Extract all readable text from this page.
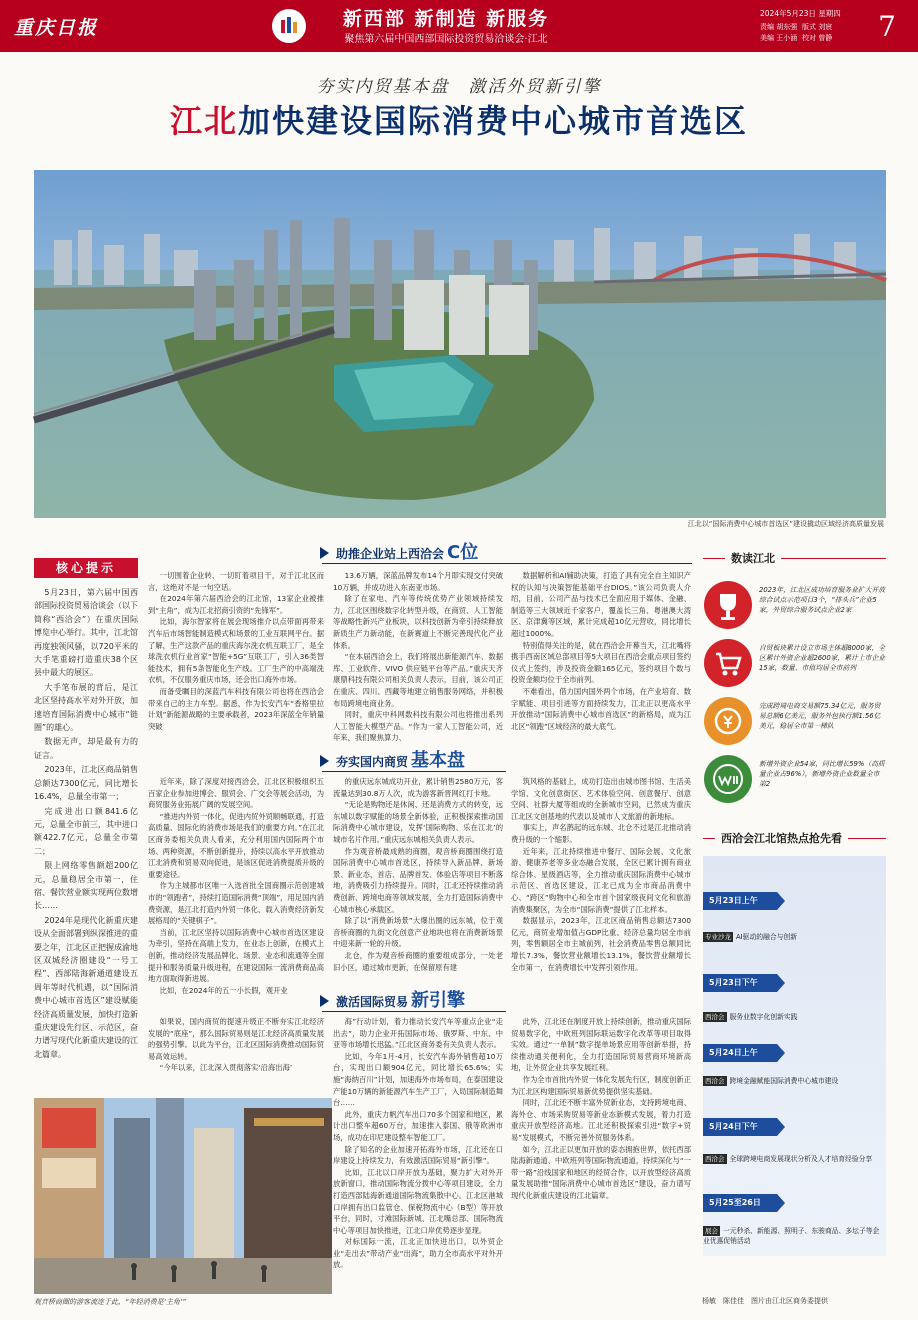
重庆日报	新西部 新制造 新服务
聚焦第六届中国西部国际投资贸易洽谈会·江北
2024年5月23日 星期四
责编 胡东强 版式 刘宸美编 王小涵 校对 曾静	7
夯实内贸基本盘　激活外贸新引擎
江北加快建设国际消费中心城市首选区
江北以“国际消费中心城市首选区”建设撬动区域经济高质量发展
核心提示

5月23日，第六届中国西部国际投资贸易洽谈会（以下简称“西洽会”）在重庆国际博览中心举行。其中，江北馆再度独领风骚，以720平米的大手笔重磅打造重庆38个区县中最大的展区。

大手笔布展的背后，是江北区坚持高水平对外开放，加速培育国际消费中心城市“链圈”的雄心。

数据无声，却是最有力的证言。

2023年，江北区商品销售总额达7300亿元，同比增长16.4%，总量全市第一；

完成进出口额841.6亿元，总量全市前三，其中进口额422.7亿元，总量全市第二；

限上网络零售额超200亿元，总量稳居全市第一，住宿、餐饮营业额实现两位数增长……

2024年是现代化新重庆建设从全面部署到纵深推进的重要之年，江北区正把握成渝地区双城经济圈建设“一号工程”、西部陆海新通道建设五周年等时代机遇，以“国际消费中心城市首选区”建设赋能经济高质量发展，加快打造新重庆建设先行区、示范区，奋力谱写现代化新重庆建设的江北篇章。

助推企业站上西洽会 C位

一切围着企业转、一切盯着项目干，对于江北区而言，这绝对不是一句空话。

在2024年第六届西洽会的江北馆，13家企业被推到“主角”，成为江北招商引资的“先锋军”。

比如，海尔智家将在展会现场推介以点带面再带来汽车后市场智能制造模式和场景的工业互联网平台。据了解，生产这款产品的重庆海尔洗衣机互联工厂，是全球洗衣机行业首家“智能+5G”互联工厂，引入36类智能技术，拥有5条智能化生产线。工厂生产的中高端洗衣机，不仅服务重庆市场，还会出口海外市场。

而备受瞩目的深蓝汽车科技有限公司也将在西洽会带来自己的主力车型。据悉，作为长安汽车“香格里拉计划”新能源战略的主要承载者，2023年深蓝全年销量突破

13.6万辆，深蓝品牌发布14个月即实现交付突破10万辆，并成功进入东南亚市场。

除了在家电、汽车等传统优势产业领域持续发力，江北区围绕数字化转型升级，在商贸、人工智能等战略性新兴产业板块，以科技创新为牵引持续释放新质生产力新动能，在新赛道上不断完善现代化产业体系。

“在本届西洽会上，我们将展出新能源汽车、数据库、工业软件、VIVO 供应链平台等产品。”重庆天齐康鼎科技有限公司相关负责人表示，目前，该公司正在重庆、四川、西藏等地建立销售服务网络，并积极布局跨境电商业务。

同时，重庆中科网数科技有限公司也将推出系列人工智能大模型产品。“作为一家人工智能公司，近年来，我们聚焦算力、

数据解析和AI辅助决策，打造了具有完全自主知识产权的认知与决策智能基础平台DIOS。”该公司负责人介绍，目前，公司产品与技术已全面应用于媒体、金融、制造等三大领域近千家客户，覆盖长三角、粤港澳大湾区、京津冀等区域，累计完成超10亿元营收，同比增长超过1000%。

特别值得关注的是，就在西洽会开幕当天，江北嘴将携手西南区域总部项目等5大项目在西洽会重点项目签约仪式上签约，涉及投资金额165亿元，签约项目个数与投资金额均位于全市前列。

不难看出，借力国内国外两个市场，在产业培育、数字赋能、项目引进等方面持续发力，江北正以更高水平开放推动“国际消费中心城市首选区”的新格局，成为江北区“领跑”区域经济的最大底气。

夯实国内商贸 基本盘

近年来，除了深度对接西洽会，江北区积极组织五百家企业参加进博会、服贸会、广交会等展会活动，为商贸服务业拓展广阔的发展空间。

“推进内外贸一体化，促进内贸外贸顺畅联通，打造高质量、国际化的消费市场是我们的重要方向。”在江北区商务委相关负责人看来，充分利用国内国际两个市场、两种资源，不断创新提升，持续以高水平开放推动江北消费和贸易双向促进，是该区促进消费提质升级的重要途径。

作为主城都市区唯一入选首批全国商圈示范创建城市的“领跑者”，持续打造国际消费“顶端”，用足国内消费资源，是江北打造内外贸一体化、载入消费经济新发展格局的“关键棋子”。

当前，江北区坚持以国际消费中心城市首选区建设为牵引，坚持在高端上发力，在业态上创新，在模式上创新，推动经济发展品牌化、场景、业态和流通等全面提升和服务质量升级进程，在建设国际一流消费商品高地方面取得新进展。

比如，在2024年的五一小长假，观开业

的重庆远东城成功开业，累计销售2580万元，客流量达到30.8万人次，成为游客新晋网红打卡地。

“无论是购物还是休闲、还是消费方式的转变，远东城以数字赋能的场景全新体验，正积极探索推动国际消费中心城市建设，发挥‘国际购物、乐在江北’的城市名片作用。”重庆远东城相关负责人表示。

作为观音桥最成熟的商圈，观音桥商圈围绕打造国际消费中心城市首选区，持续导入新品牌、新场景、新业态，首店、品牌首发、体验店等项目不断落地，消费吸引力持续提升。同时，江北还持续推动消费创新、跨境电商等领域发展，全力打造国际消费中心城市核心承载区。

除了以“消费新场景”大爆出圈的远东城，位于观音桥商圈的九街文化创意产业地块也将在消费新场景中迎来新一轮的升级。

北仓，作为观音桥商圈的重要组成部分，一处老旧小区，通过城市更新，在保留原有建

筑风格的基础上，成功打造出由城市图书馆、生活美学馆、文化创意街区、艺术体验空间、创意餐厅、创意空间、社群大厦等组成的全新城市空间，已然成为重庆江北区文创基地的代表以及城市人文旅游的新地标。

事实上，声名鹊起的远东城、北仓不过是江北推动消费升级的一个缩影。

近年来，江北持续推进中餐厅、国际会展、文化旅游、健康养老等多业态融合发展，全区已累计拥有商业综合体、星级酒店等，全力推动重庆国际消费中心城市示范区、首选区建设，江北已成为全市商品消费中心、“跨区”购物中心和全市首个国家级夜间文化和旅游消费集聚区，为全市“国际消费”提供了江北样本。

数据显示，2023年，江北区商品销售总额达7300亿元，商贸业增加值占GDP比重、经济总量均居全市前列，零售额居全市主城前列，社会消费品零售总额同比增长7.3%，餐饮营业额增长13.1%，餐饮营业额增长全市第一，在消费增长中发挥引领作用。

激活国际贸易 新引擎

如果说，国内商贸的提速升级正不断夯实江北经济发展的“底座”，那么国际贸易则是江北经济高质量发展的强势引擎。以此为平台，江北区国际消费推动国际贸易高效运转。

“今年以来，江北深入贯彻落实‘沿海出海’

海”行动计划，着力推动长安汽车等重点企业“走出去”，助力企业开拓国际市场、俄罗斯、中东、中亚等市场增长迅猛。”江北区商务委有关负责人表示。

比如，今年1月-4月，长安汽车海外销售超10万台，实现出口额904亿元，同比增长65.6%；实施“海纳百川”计划，加速海外市场布局，在泰国建设产能10万辆的新能源汽车生产工厂，入局国际制造舞台……

此外，重庆力帆汽车出口70多个国家和地区，累计出口整车超60万台，加速推入泰国、俄等欧洲市场，成功在印尼建设整车智能工厂。

除了知名的企业加速开拓海外市场，江北还在口岸建设上持续发力，有效激活国际贸易“新引擎”。

比如，江北以口岸开放为基础，聚力扩大对外开放新窗口，推动国际物流分拨中心等项目建设，全力打造西部陆海新通道国际物流集散中心。江北区港城口岸拥有出口监管仓、保税物流中心（B型）等开放平台，同时，寸滩国际新城、江北嘴总部、国际物流中心等项目加快推进，江北口岸优势逐步显现。

对标国际一流，江北正加快进出口，以外贸企业“走出去”带动产业“出海”，助力全市高水平对外开放。

此外，江北还在制度开放上持续创新，推动重庆国际贸易数字化，中欧班列国际联运数字化改革等项目取得实效。通过“一单制”数字提单场景应用等创新举措，持续推动通关便利化，全力打造国际贸易营商环境新高地，让外贸企业共享发展红利。

作为全市首批内外贸一体化发展先行区，制度创新正为江北区构建国际贸易新优势提供坚实基础。

同时，江北还不断丰富外贸新业态，支持跨境电商、海外仓、市场采购贸易等新业态新模式发展，着力打造重庆开放型经济高地。江北还积极探索引进“数字+贸易”发展模式，不断完善外贸服务体系。

如今，江北正以更加开放的姿态拥抱世界，依托西部陆海新通道、中欧班列等国际物流通道，持续深化与“一带一路”沿线国家和地区的经贸合作，以开放型经济高质量发展助推“国际消费中心城市首选区”建设，奋力谱写现代化新重庆建设的江北篇章。

观音桥商圈的游客流连于此，“年轻消费是‘主角’”
数读江北
2023年，江北区成功培育服务业扩大开放综合试点示范项目3个，“排头兵”企业5家，外贸综合服务试点企业2家
自贸板块累计设立市场主体超8000家，全区累计外资企业超2600家，累计上市企业15家，数量、市值均居全市前列
完成跨境电商交易额75.34亿元，服务贸易总额6亿美元，服务外包执行额1.56亿美元，稳居全市第一梯队
新增外资企业54家，同比增长59%（高质量企业占96%），新增外资企业数量全市第2
西洽会江北馆热点抢先看
5月23日上午
专业沙龙 AI驱动的融合与创新
5月23日下午
西洽会 服务业数字化创新实践
5月24日上午
西洽会 跨境金融赋能国际消费中心城市建设
5月24日下午
西洽会 全球跨境电商发展现状分析及人才培育经验分享
5月25至26日
展会 一元秒杀、新能源、照明子、东骏商品、多坛子等企业优惠促销活动
杨敏　陈佳佳　图片由江北区商务委提供
